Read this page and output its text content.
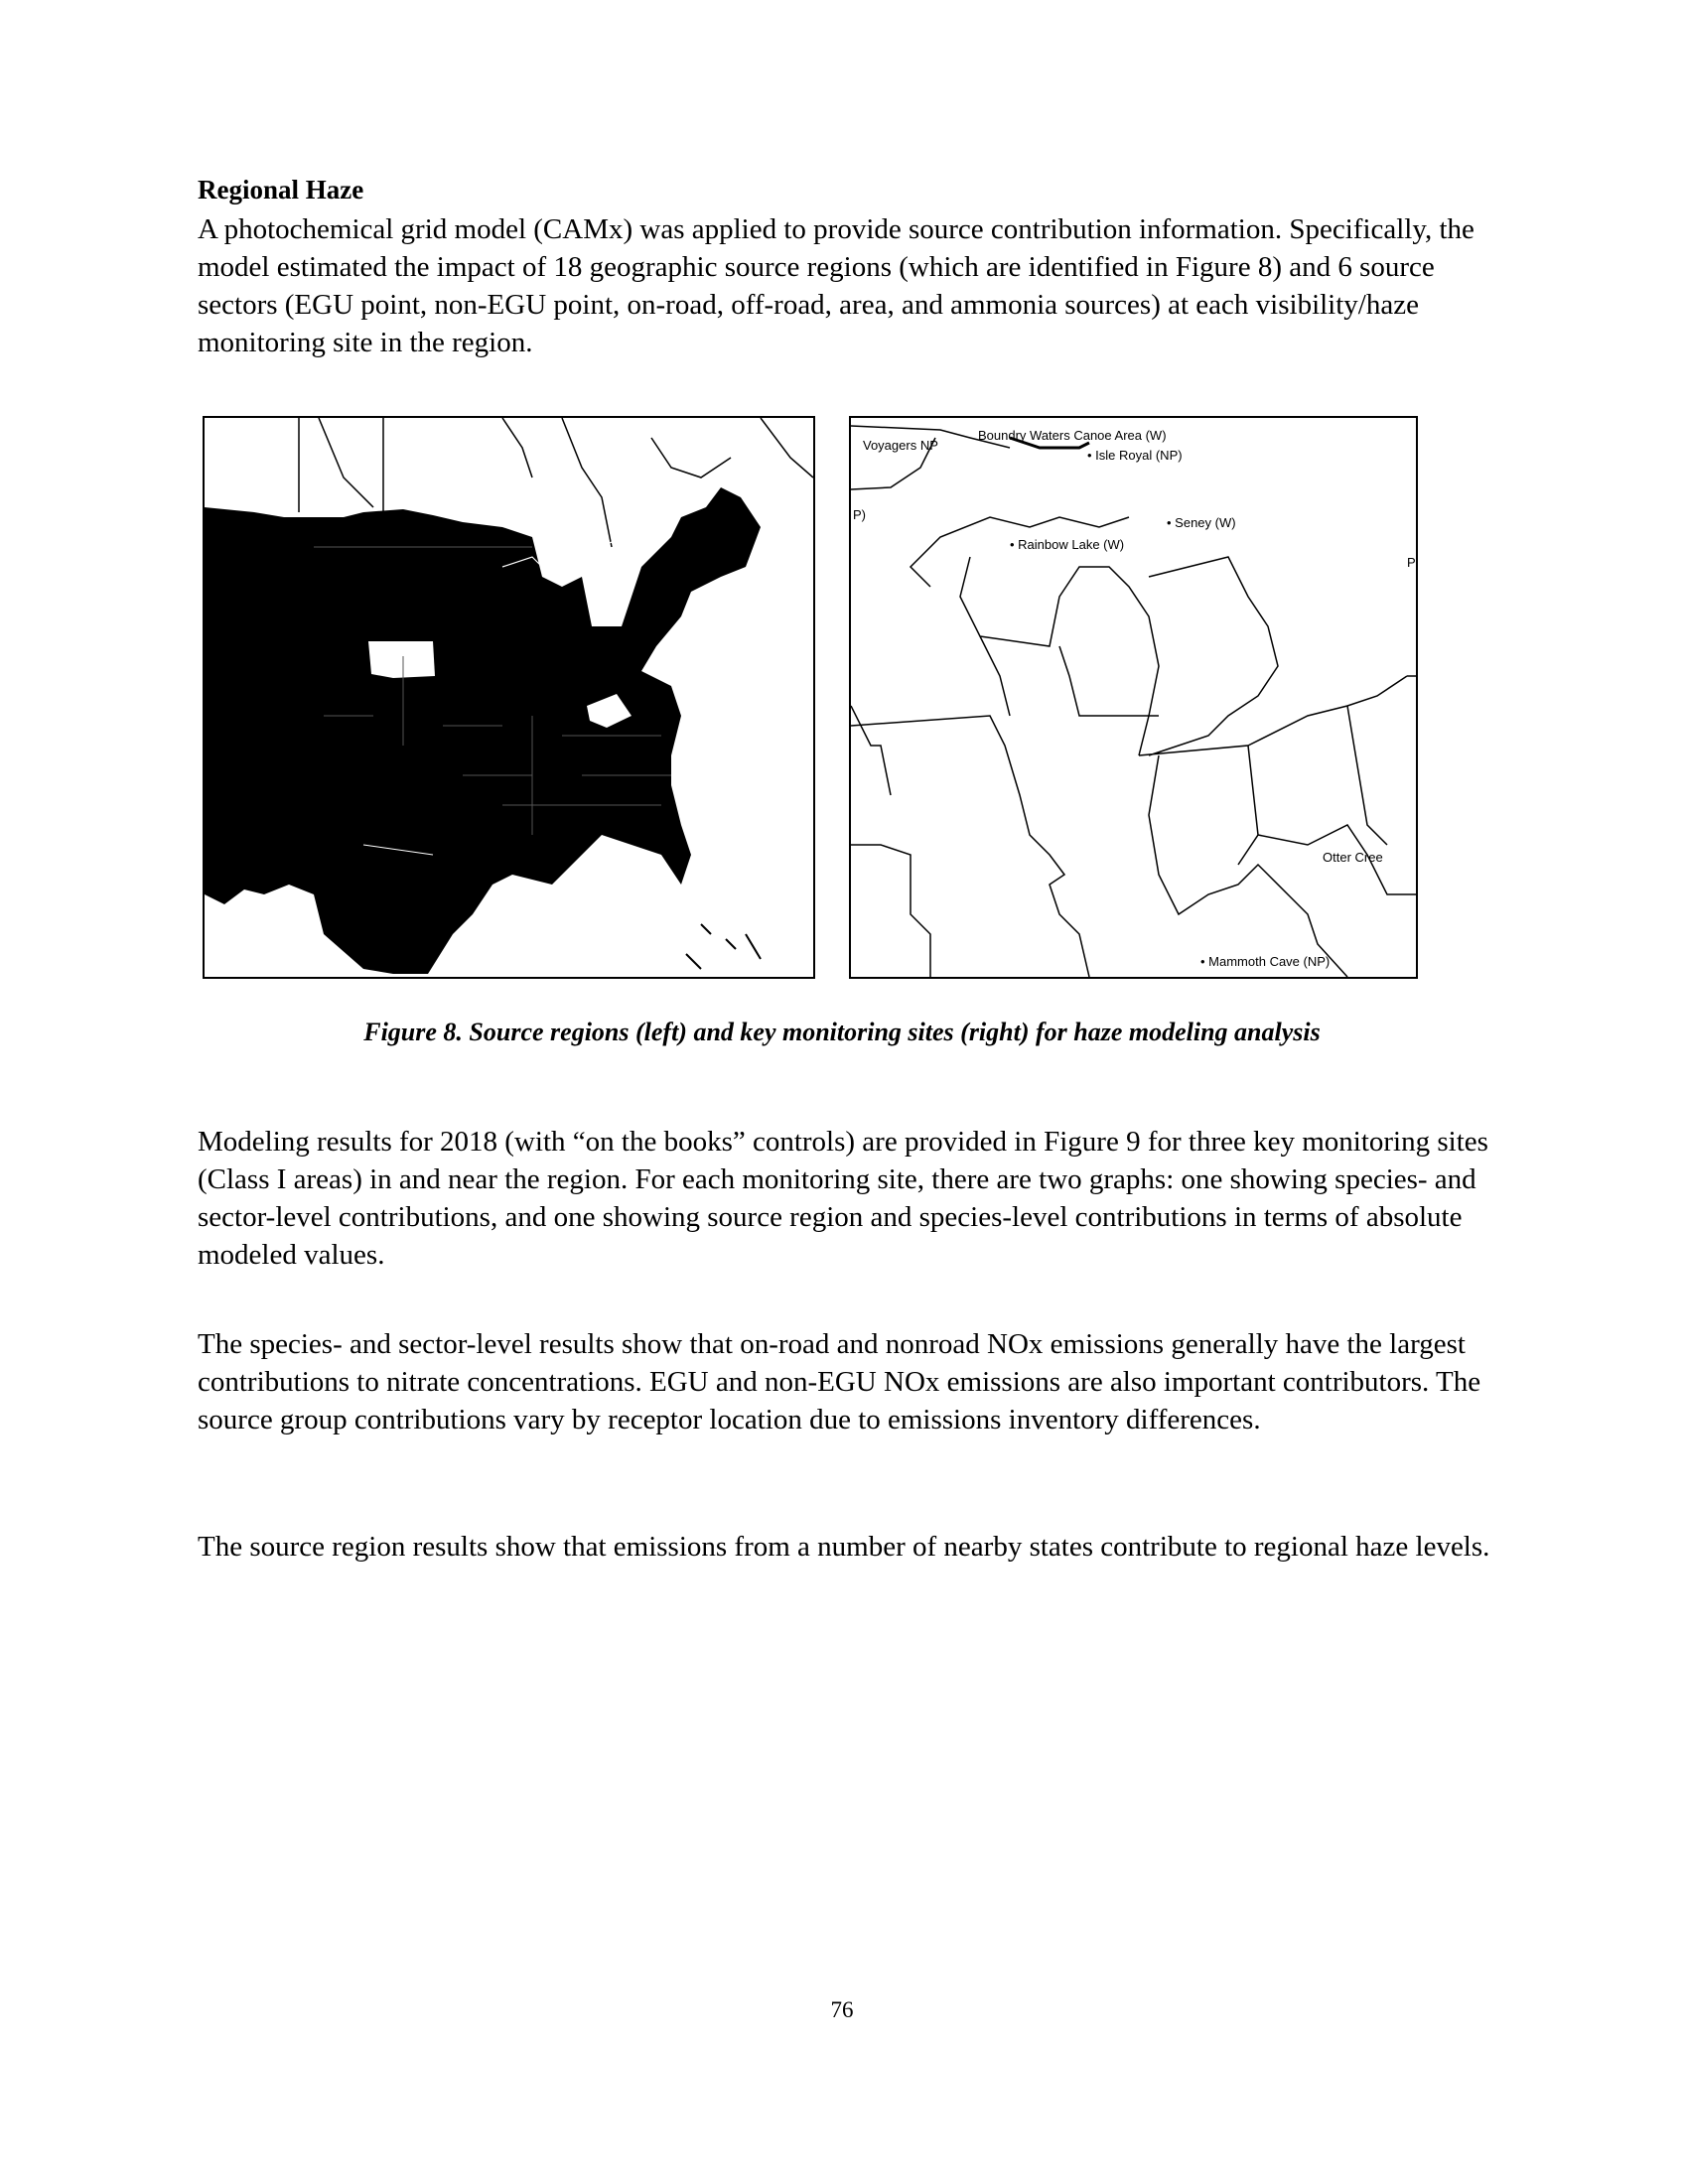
Regional Haze

A photochemical grid model (CAMx) was applied to provide source contribution information. Specifically, the model estimated the impact of 18 geographic source regions (which are identified in Figure 8) and 6 source sectors (EGU point, non-EGU point, on-road, off-road, area, and ammonia sources) at each visibility/haze monitoring site in the region.

Voyagers NP
Boundry Waters Canoe Area (W)
• Isle Royal (NP)
• Seney (W)
• Rainbow Lake (W)
Otter Cree
• Mammoth Cave (NP)
P)
P
Figure 8. Source regions (left) and key monitoring sites (right) for haze modeling analysis

Modeling results for 2018 (with “on the books” controls) are provided in Figure 9 for three key monitoring sites (Class I areas) in and near the region. For each monitoring site, there are two graphs: one showing species- and sector-level contributions, and one showing source region and species-level contributions in terms of absolute modeled values.

The species- and sector-level results show that on-road and nonroad NOx emissions generally have the largest contributions to nitrate concentrations. EGU and non-EGU NOx emissions are also important contributors. The source group contributions vary by receptor location due to emissions inventory differences.

The source region results show that emissions from a number of nearby states contribute to regional haze levels.

76
